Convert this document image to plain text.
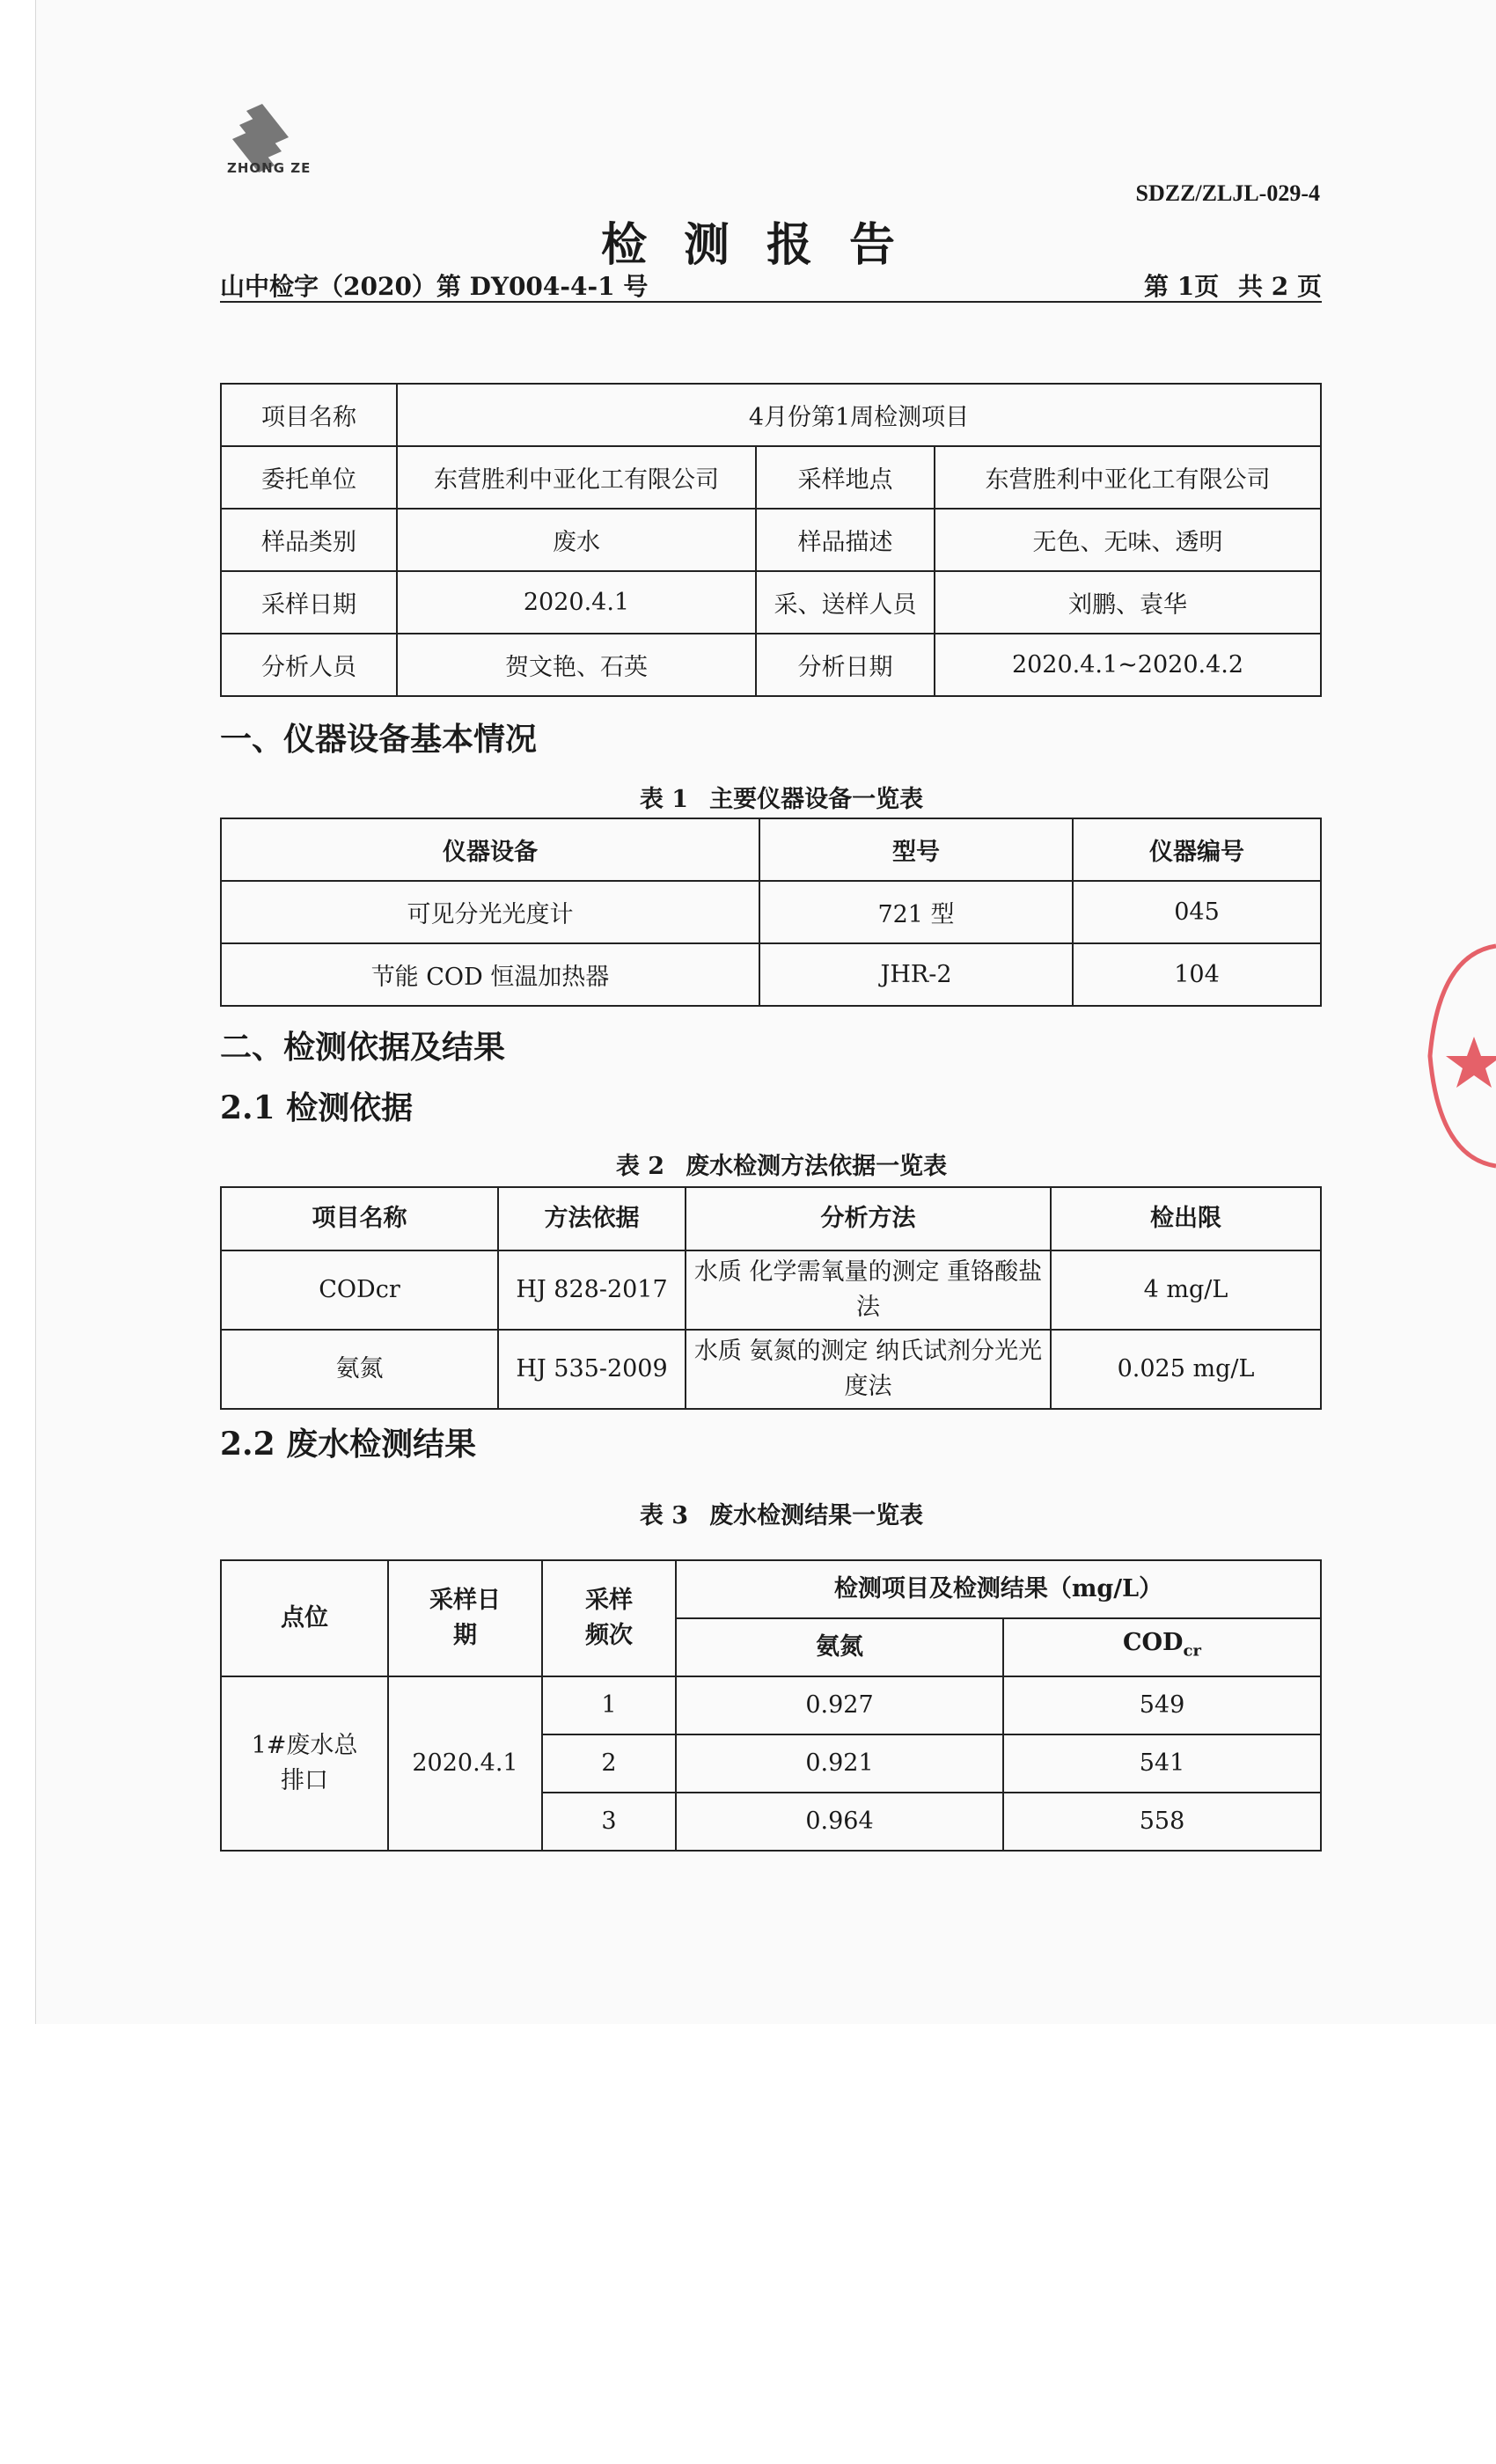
ZHONG ZE
SDZZ/ZLJL-029-4
检测报告
山中检字（2020）第 DY004-4-1 号	第 1页 共 2 页
项目名称	4月份第1周检测项目		
委托单位	东营胜利中亚化工有限公司	采样地点	东营胜利中亚化工有限公司
样品类别	废水	样品描述	无色、无味、透明
采样日期	2020.4.1	采、送样人员	刘鹏、袁华
分析人员	贺文艳、石英	分析日期	2020.4.1~2020.4.2
一、仪器设备基本情况
表 1 主要仪器设备一览表
仪器设备	型号	仪器编号
可见分光光度计	721 型	045
节能 COD 恒温加热器	JHR-2	104
二、检测依据及结果
2.1 检测依据
表 2 废水检测方法依据一览表
项目名称	方法依据	分析方法	检出限
CODcr	HJ 828-2017	水质 化学需氧量的测定 重铬酸盐法	4 mg/L
氨氮	HJ 535-2009	水质 氨氮的测定 纳氏试剂分光光度法	0.025 mg/L
2.2 废水检测结果
表 3 废水检测结果一览表
点位	采样日期	采样频次	检测项目及检测结果（mg/L）	
			氨氮	$COD_{cr}$
1#废水总排口	2020.4.1	1	0.927	549
		2	0.921	541
		3	0.964	558
